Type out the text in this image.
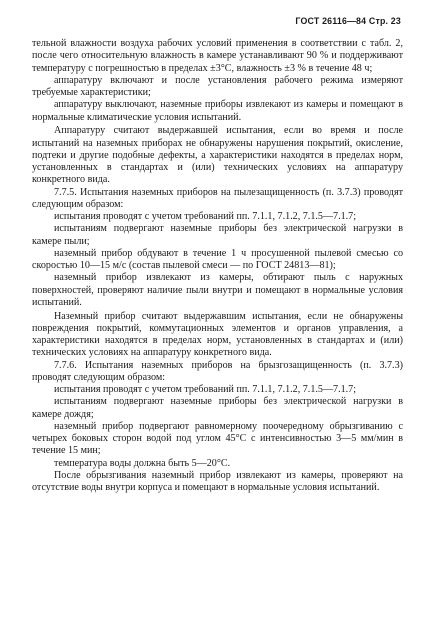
ГОСТ 26116—84 Стр. 23

тельной влажности воздуха рабочих условий применения в соответствии с табл. 2, после чего относительную влажность в камере устанавливают 90 % и поддерживают температуру с погрешностью в пределах ±3°С, влажность ±3 % в течение 48 ч;

аппаратуру включают и после установления рабочего режима измеряют требуемые характеристики;

аппаратуру выключают, наземные приборы извлекают из камеры и помещают в нормальные климатические условия испытаний.

Аппаратуру считают выдержавшей испытания, если во время и после испытаний на наземных приборах не обнаружены нарушения покрытий, окисление, подтеки и другие подобные дефекты, а характеристики находятся в пределах норм, установленных в стандартах и (или) технических условиях на аппаратуру конкретного вида.

7.7.5. Испытания наземных приборов на пылезащищенность (п. 3.7.3) проводят следующим образом:

испытания проводят с учетом требований пп. 7.1.1, 7.1.2, 7.1.5—7.1.7;

испытаниям подвергают наземные приборы без электрической нагрузки в камере пыли;

наземный прибор обдувают в течение 1 ч просушенной пылевой смесью со скоростью 10—15 м/с (состав пылевой смеси — по ГОСТ 24813—81);

наземный прибор извлекают из камеры, обтирают пыль с наружных поверхностей, проверяют наличие пыли внутри и помещают в нормальные условия испытаний.

Наземный прибор считают выдержавшим испытания, если не обнаружены повреждения покрытий, коммутационных элементов и органов управления, а характеристики находятся в пределах норм, установленных в стандартах и (или) технических условиях на аппаратуру конкретного вида.

7.7.6. Испытания наземных приборов на брызгозащищенность (п. 3.7.3) проводят следующим образом:

испытания проводят с учетом требований пп. 7.1.1, 7.1.2, 7.1.5—7.1.7;

испытаниям подвергают наземные приборы без электрической нагрузки в камере дождя;

наземный прибор подвергают равномерному поочередному обрызгиванию с четырех боковых сторон водой под углом 45°С с интенсивностью 3—5 мм/мин в течение 15 мин;

температура воды должна быть 5—20°С.

После обрызгивания наземный прибор извлекают из камеры, проверяют на отсутствие воды внутри корпуса и помещают в нормальные условия испытаний.
